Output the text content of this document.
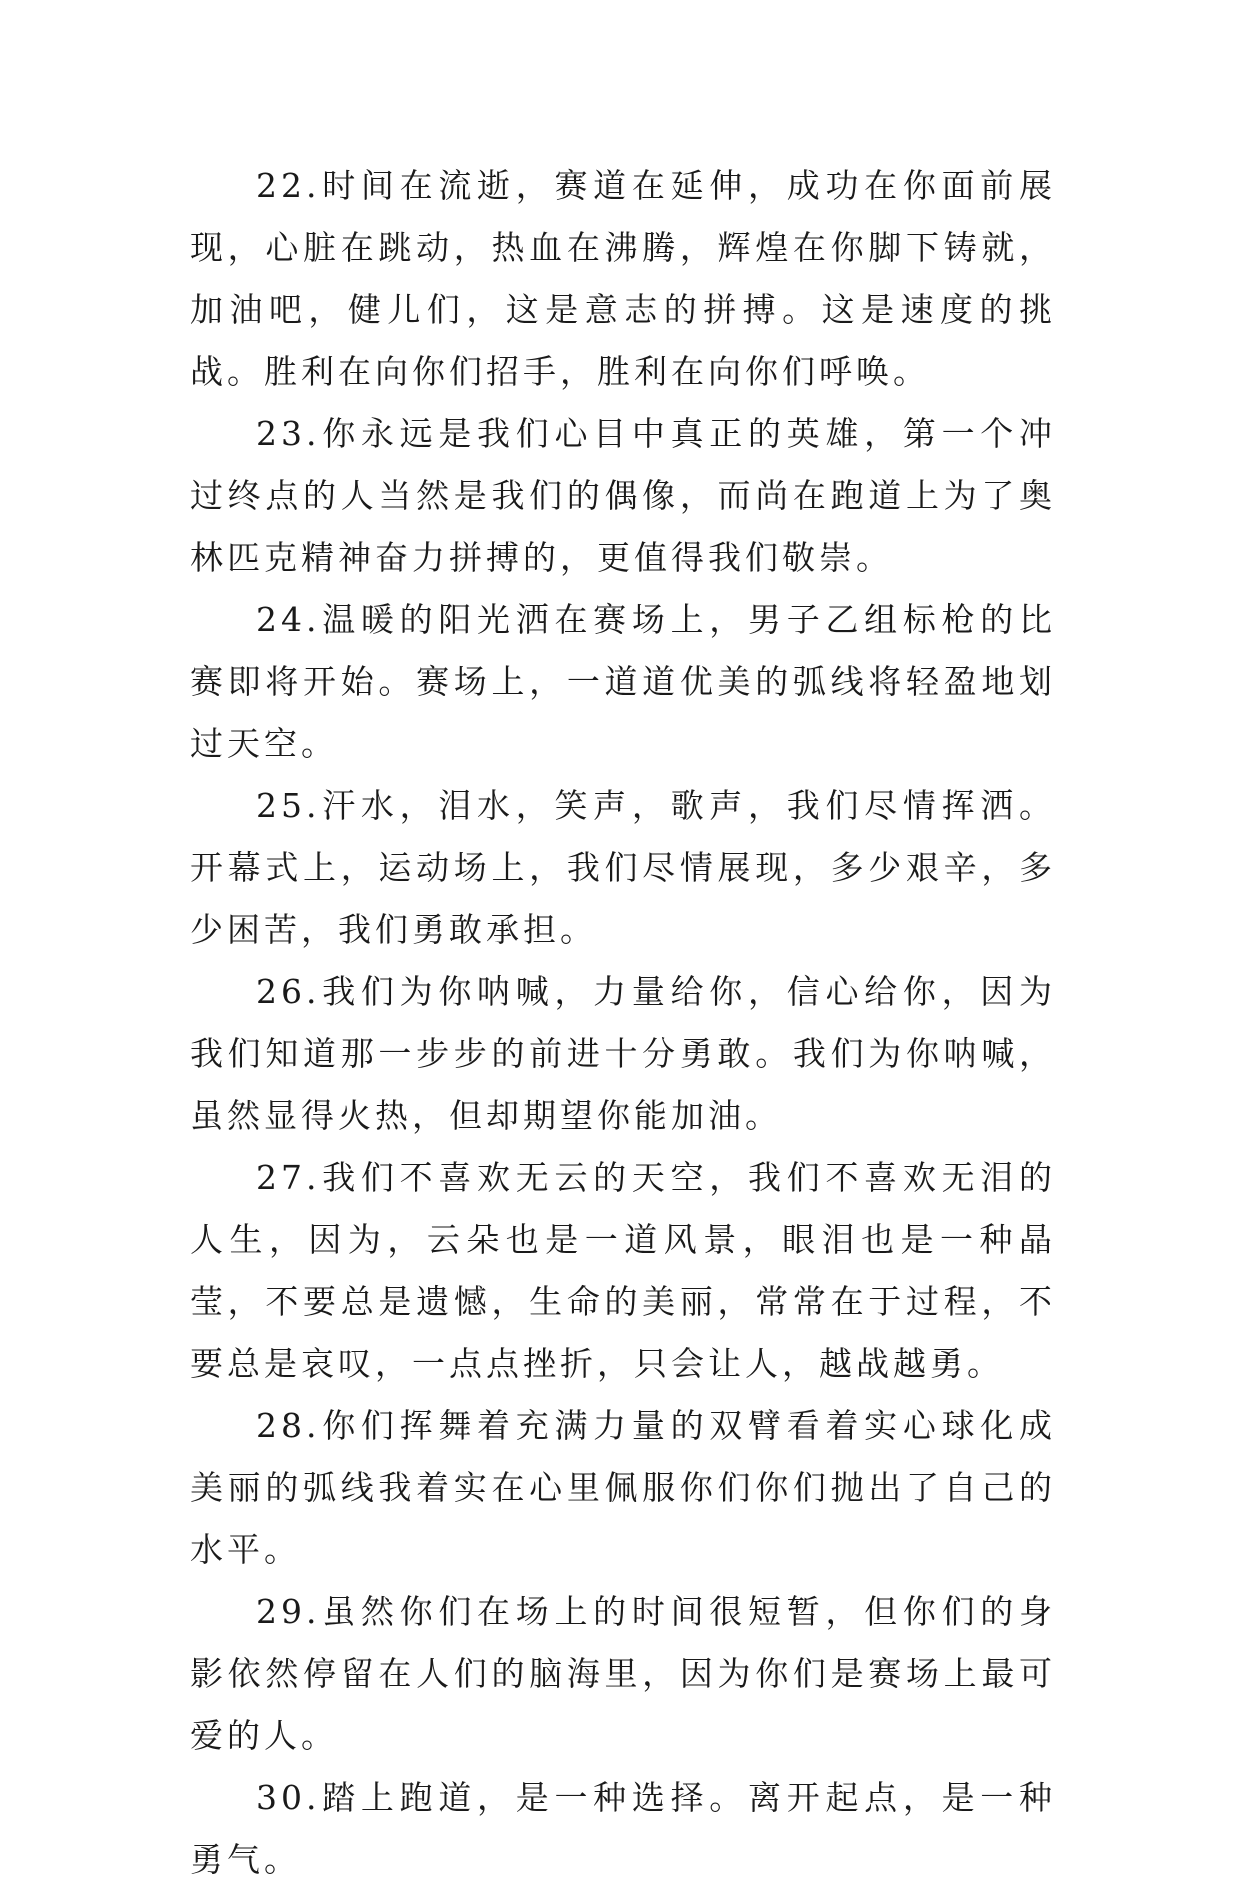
22.时间在流逝，赛道在延伸，成功在你面前展现，心脏在跳动，热血在沸腾，辉煌在你脚下铸就，加油吧，健儿们，这是意志的拼搏。这是速度的挑战。胜利在向你们招手，胜利在向你们呼唤。

23.你永远是我们心目中真正的英雄，第一个冲过终点的人当然是我们的偶像，而尚在跑道上为了奥林匹克精神奋力拼搏的，更值得我们敬崇。

24.温暖的阳光洒在赛场上，男子乙组标枪的比赛即将开始。赛场上，一道道优美的弧线将轻盈地划过天空。

25.汗水，泪水，笑声，歌声，我们尽情挥洒。开幕式上，运动场上，我们尽情展现，多少艰辛，多少困苦，我们勇敢承担。

26.我们为你呐喊，力量给你，信心给你，因为我们知道那一步步的前进十分勇敢。我们为你呐喊，虽然显得火热，但却期望你能加油。

27.我们不喜欢无云的天空，我们不喜欢无泪的人生，因为，云朵也是一道风景，眼泪也是一种晶莹，不要总是遗憾，生命的美丽，常常在于过程，不要总是哀叹，一点点挫折，只会让人，越战越勇。

28.你们挥舞着充满力量的双臂看着实心球化成美丽的弧线我着实在心里佩服你们你们抛出了自己的水平。

29.虽然你们在场上的时间很短暂，但你们的身影依然停留在人们的脑海里，因为你们是赛场上最可爱的人。

30.踏上跑道，是一种选择。离开起点，是一种勇气。
